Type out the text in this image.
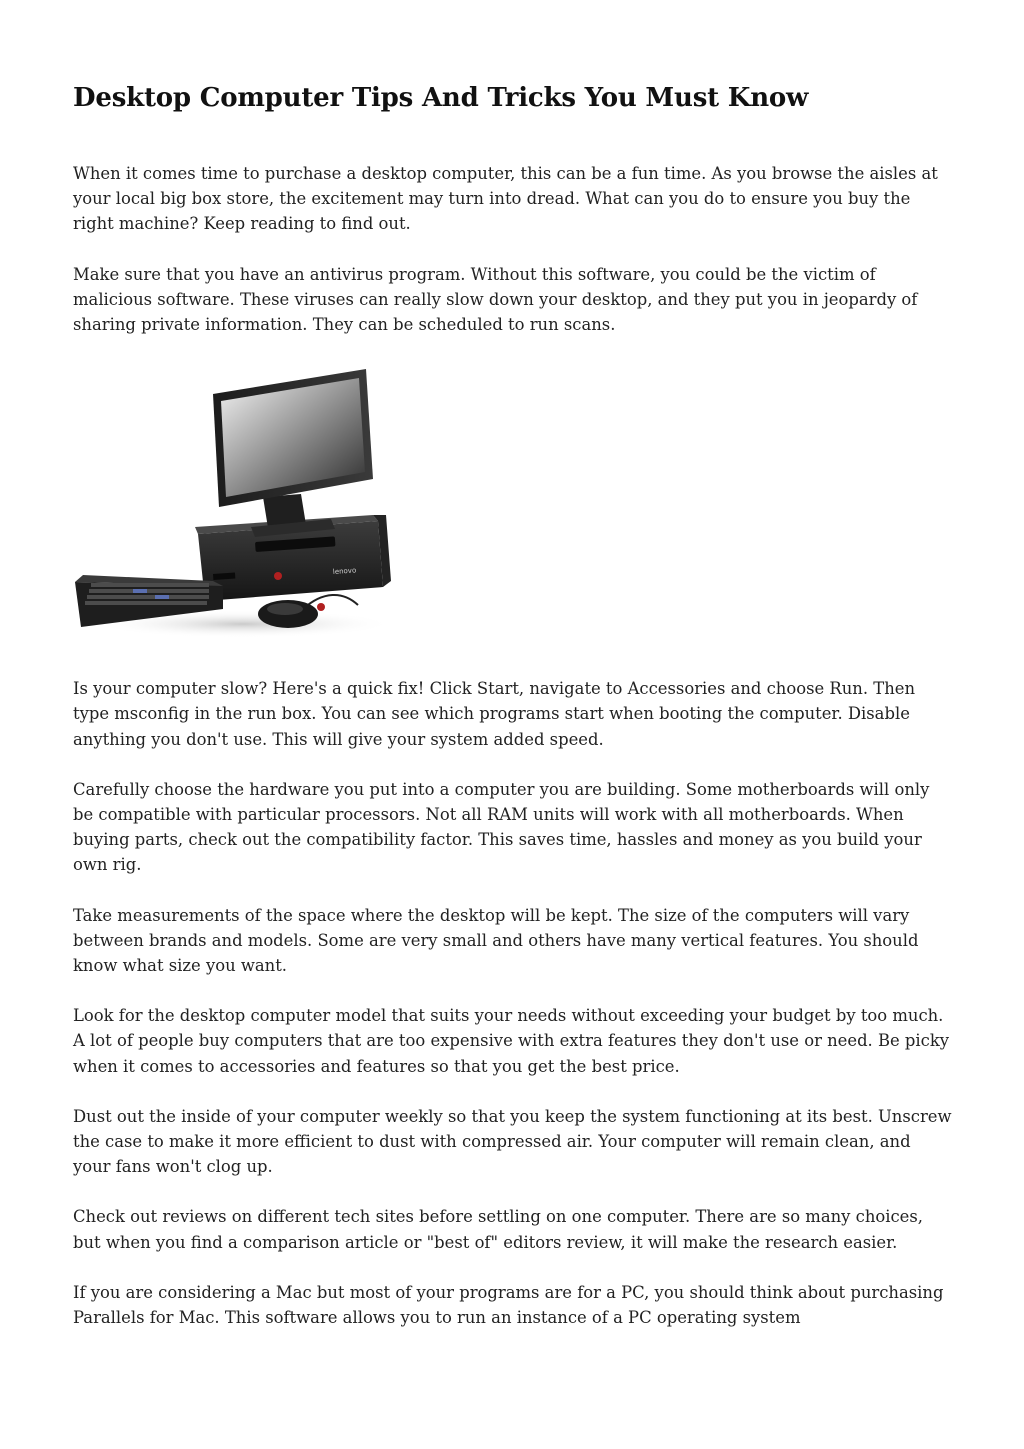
Desktop Computer Tips And Tricks You Must Know

When it comes time to purchase a desktop computer, this can be a fun time. As you browse the aisles at your local big box store, the excitement may turn into dread. What can you do to ensure you buy the right machine? Keep reading to find out.

Make sure that you have an antivirus program. Without this software, you could be the victim of malicious software. These viruses can really slow down your desktop, and they put you in jeopardy of sharing private information. They can be scheduled to run scans.

lenovo

Is your computer slow? Here's a quick fix! Click Start, navigate to Accessories and choose Run. Then type msconfig in the run box. You can see which programs start when booting the computer. Disable anything you don't use. This will give your system added speed.

Carefully choose the hardware you put into a computer you are building. Some motherboards will only be compatible with particular processors. Not all RAM units will work with all motherboards. When buying parts, check out the compatibility factor. This saves time, hassles and money as you build your own rig.

Take measurements of the space where the desktop will be kept. The size of the computers will vary between brands and models. Some are very small and others have many vertical features. You should know what size you want.

Look for the desktop computer model that suits your needs without exceeding your budget by too much. A lot of people buy computers that are too expensive with extra features they don't use or need. Be picky when it comes to accessories and features so that you get the best price.

Dust out the inside of your computer weekly so that you keep the system functioning at its best. Unscrew the case to make it more efficient to dust with compressed air. Your computer will remain clean, and your fans won't clog up.

Check out reviews on different tech sites before settling on one computer. There are so many choices, but when you find a comparison article or "best of" editors review, it will make the research easier.

If you are considering a Mac but most of your programs are for a PC, you should think about purchasing Parallels for Mac. This software allows you to run an instance of a PC operating system
